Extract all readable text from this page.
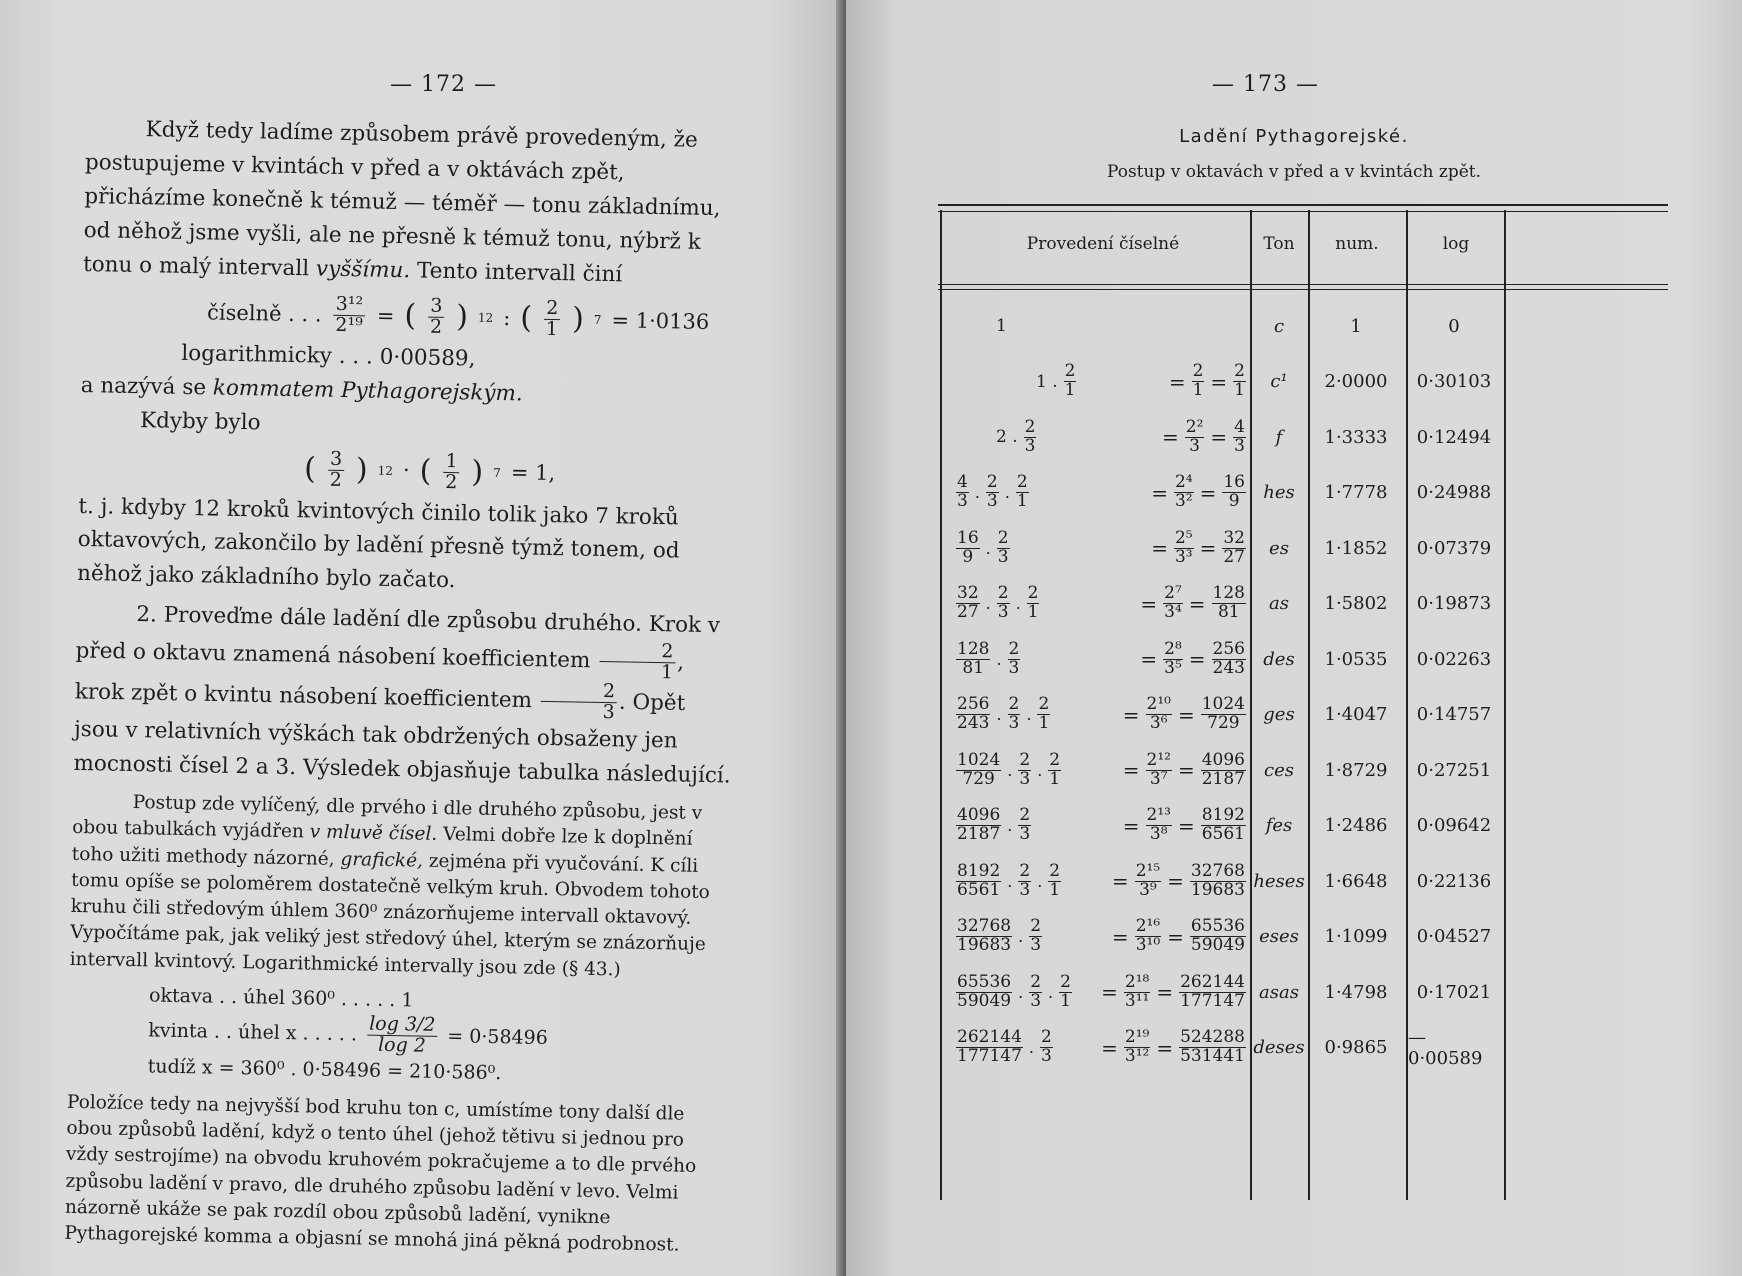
— 172 —

Když tedy ladíme způsobem právě provedeným, že postupujeme v kvintách v před a v oktávách zpět, přicházíme konečně k témuž — téměř — tonu základnímu, od něhož jsme vyšli, ale ne přesně k témuž tonu, nýbrž k tonu o malý intervall vyššímu. Tento intervall činí

číselně . . . $\frac{\text{3¹²}}{\text{2¹⁹}}$ = ( $\frac{3}{2}$ ) 12 : ( $\frac{2}{1}$ ) 7 = 1·0136

logarithmicky . . . 0·00589,

a nazývá se kommatem Pythagorejským.

Kdyby bylo

( $\frac{3}{2}$ ) 12 · ( $\frac{1}{2}$ ) 7 = 1,

t. j. kdyby 12 kroků kvintových činilo tolik jako 7 kroků oktavových, zakončilo by ladění přesně týmž tonem, od něhož jako základního bylo začato.

2. Proveďme dále ladění dle způsobu druhého. Krok v před o oktavu znamená násobení koefficientem $\frac{2}{1}$ , krok zpět o kvintu násobení koefficientem $\frac{2}{3}$ . Opět jsou v relativních výškách tak obdržených obsaženy jen mocnosti čísel 2 a 3. Výsledek objasňuje tabulka následující.

Postup zde vylíčený, dle prvého i dle druhého způsobu, jest v obou tabulkách vyjádřen v mluvě čísel. Velmi dobře lze k doplnění toho užiti methody názorné, grafické, zejména při vyučování. K cíli tomu opíše se poloměrem dostatečně velkým kruh. Obvodem tohoto kruhu čili středovým úhlem 360⁰ znázorňujeme intervall oktavový. Vypočítáme pak, jak veliký jest středový úhel, kterým se znázorňuje intervall kvintový. Logarithmické intervally jsou zde (§ 43.)

oktava . . úhel 360⁰ . . . . . 1
kvinta . . úhel x . . . . . $\frac{\log 3/2}{\log 2} = 0\cdot 58496$
tudíž x = 360⁰ . 0·58496 = 210·586⁰.

Položíce tedy na nejvyšší bod kruhu ton c, umístíme tony další dle obou způsobů ladění, když o tento úhel (jehož tětivu si jednou pro vždy sestrojíme) na obvodu kruhovém pokračujeme a to dle prvého způsobu ladění v pravo, dle druhého způsobu ladění v levo. Velmi názorně ukáže se pak rozdíl obou způsobů ladění, vynikne Pythagorejské komma a objasní se mnohá jiná pěkná podrobnost.

— 173 —
Ladění Pythagorejské.
Postup v oktavách v před a v kvintách zpět.
Provedení číselné	Ton	num.	log
1	c	1	0
1 . $\frac{2}{1}$	= $\frac{2}{1} = \frac{2}{1}$	c¹	2·0000	0·30103
2 . $\frac{2}{3}$	= $\frac{\text{2²}}{3} = \frac{4}{3}$	f	1·3333	0·12494
$\frac{4}{3}$ . $\frac{2}{3}$ . $\frac{2}{1}$	= $\frac{\text{2⁴}}{\text{3²}} = \frac{16}{9}$ hes	1·7778	0·24988
$\frac{16}{9}$ . $\frac{2}{3}$	= $\frac{\text{2⁵}}{\text{3³}} = \frac{32}{27}$	es	1·1852	0·07379
$\frac{32}{27}$ . $\frac{2}{3}$ . $\frac{2}{1}$	= $\frac{\text{2⁷}}{\text{3⁴}} = \frac{128}{81}$	as	1·5802	0·19873
$\frac{128}{81}$ . $\frac{2}{3}$	= $\frac{\text{2⁸}}{\text{3⁵}} = \frac{256}{243}$ des	1·0535	0·02263
$\frac{256}{243}$ . $\frac{2}{3}$ . $\frac{2}{1}$	= $\frac{\text{2¹⁰}}{\text{3⁶}} = \frac{1024}{729}$ ges	1·4047	0·14757
$\frac{1024}{729}$ . $\frac{2}{3}$ . $\frac{2}{1}$	= $\frac{\text{2¹²}}{\text{3⁷}} = \frac{4096}{2187}$	ces	1·8729	0·27251
$\frac{4096}{2187}$ . $\frac{2}{3}$	= $\frac{\text{2¹³}}{\text{3⁸}} = \frac{8192}{6561}$	fes	1·2486	0·09642
$\frac{8192}{6561}$ . $\frac{2}{3}$ . $\frac{2}{1}$	= $\frac{\text{2¹⁵}}{\text{3⁹}} = \frac{32768}{19683}$ heses	1·6648	0·22136
$\frac{32768}{19683}$ . $\frac{2}{3}$	= $\frac{\text{2¹⁶}}{\text{3¹⁰}} = \frac{65536}{59049}$ eses	1·1099	0·04527
$\frac{65536}{59049}$ . $\frac{2}{3}$ . $\frac{2}{1} = \frac{\text{2¹⁸}}{\text{3¹¹}} = \frac{262144}{177147}$ asas	1·4798	0·17021
$\frac{262144}{177147}$ . $\frac{2}{3} = \frac{\text{2¹⁹}}{\text{3¹²}} = \frac{524288}{531441}$ deses	0·9865	— 0·00589
